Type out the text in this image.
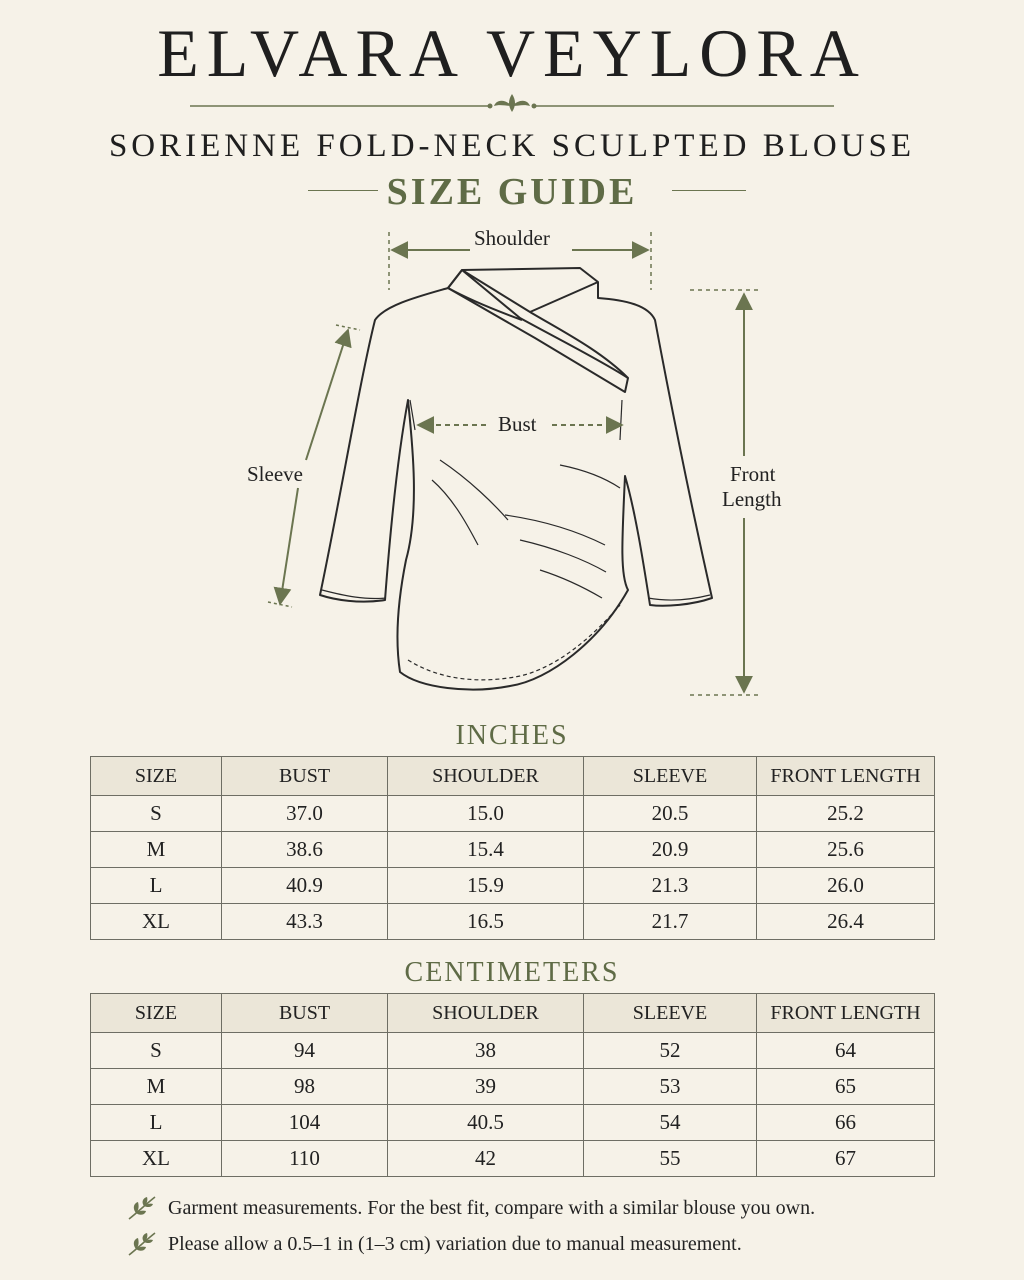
ELVARA VEYLORA
SORIENNE FOLD-NECK SCULPTED BLOUSE
SIZE GUIDE
Shoulder
Bust
Sleeve	Front
Length
INCHES
SIZE	BUST	SHOULDER	SLEEVE	FRONT LENGTH
S	37.0	15.0	20.5	25.2
M	38.6	15.4	20.9	25.6
L	40.9	15.9	21.3	26.0
XL	43.3	16.5	21.7	26.4
CENTIMETERS
SIZE	BUST	SHOULDER	SLEEVE	FRONT LENGTH
S	94	38	52	64
M	98	39	53	65
L	104	40.5	54	66
XL	110	42	55	67
Garment measurements. For the best fit, compare with a similar blouse you own.
Please allow a 0.5–1 in (1–3 cm) variation due to manual measurement.
